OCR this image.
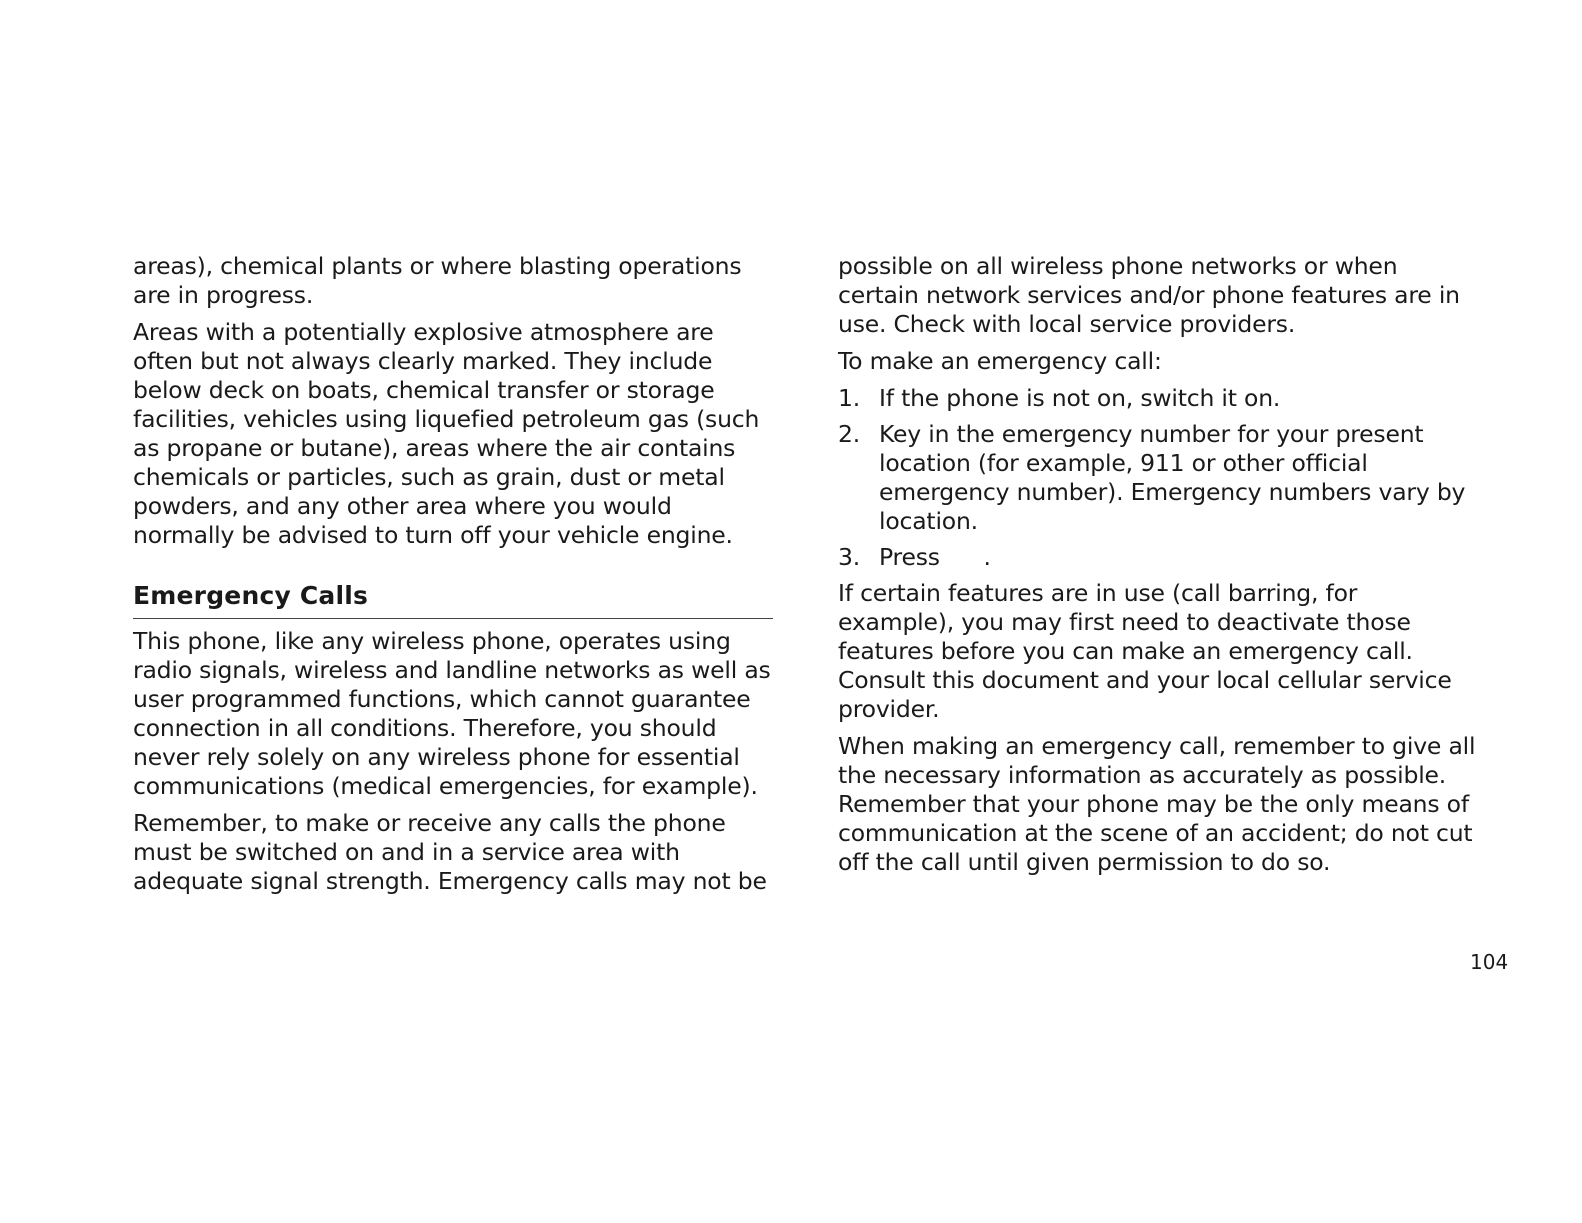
areas), chemical plants or where blasting operations
are in progress.

Areas with a potentially explosive atmosphere are
often but not always clearly marked. They include
below deck on boats, chemical transfer or storage
facilities, vehicles using liquefied petroleum gas (such
as propane or butane), areas where the air contains
chemicals or particles, such as grain, dust or metal
powders, and any other area where you would
normally be advised to turn off your vehicle engine.

Emergency Calls

This phone, like any wireless phone, operates using
radio signals, wireless and landline networks as well as
user programmed functions, which cannot guarantee
connection in all conditions. Therefore, you should
never rely solely on any wireless phone for essential
communications (medical emergencies, for example).

Remember, to make or receive any calls the phone
must be switched on and in a service area with
adequate signal strength. Emergency calls may not be

possible on all wireless phone networks or when
certain network services and/or phone features are in
use. Check with local service providers.

To make an emergency call:

1. If the phone is not on, switch it on.
2. Key in the emergency number for your present
location (for example, 911 or other official
emergency number). Emergency numbers vary by
location.
3. Press      .

If certain features are in use (call barring, for
example), you may first need to deactivate those
features before you can make an emergency call.
Consult this document and your local cellular service
provider.

When making an emergency call, remember to give all
the necessary information as accurately as possible.
Remember that your phone may be the only means of
communication at the scene of an accident; do not cut
off the call until given permission to do so.

104
